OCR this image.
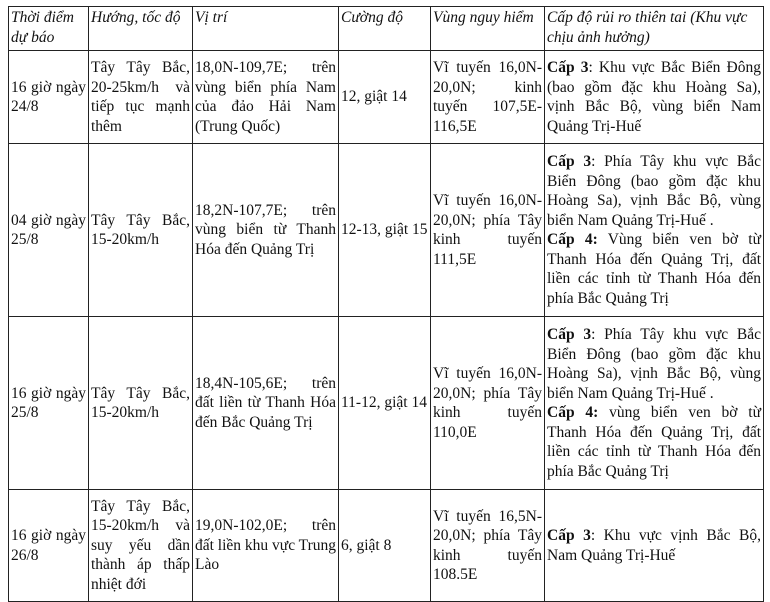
Thời điểm dự báo	Hướng, tốc độ	Vị trí	Cường độ	Vùng nguy hiểm	Cấp độ rủi ro thiên tai (Khu vực chịu ảnh hưởng)
16 giờ ngày 24/8	Tây Tây Bắc, 20-25km/h và tiếp tục mạnh thêm	18,0N-109,7E; trên vùng biển phía Nam của đảo Hải Nam (Trung Quốc)	12, giật 14	Vĩ tuyến 16,0N-20,0N; kinh tuyến 107,5E-116,5E	Cấp 3: Khu vực Bắc Biển Đông (bao gồm đặc khu Hoàng Sa), vịnh Bắc Bộ, vùng biển Nam Quảng Trị-Huế

04 giờ ngày 25/8	Tây Tây Bắc, 15-20km/h	18,2N-107,7E; trên vùng biển từ Thanh Hóa đến Quảng Trị	12-13, giật 15	Vĩ tuyến 16,0N-20,0N; phía Tây kinh tuyến 111,5E	Cấp 3: Phía Tây khu vực Bắc Biển Đông (bao gồm đặc khu Hoàng Sa), vịnh Bắc Bộ, vùng biển Nam Quảng Trị-Huế .
Cấp 4: Vùng biển ven bờ từ Thanh Hóa đến Quảng Trị, đất liền các tỉnh từ Thanh Hóa đến phía Bắc Quảng Trị

16 giờ ngày 25/8	Tây Tây Bắc, 15-20km/h	18,4N-105,6E; trên đất liền từ Thanh Hóa đến Bắc Quảng Trị	11-12, giật 14	Vĩ tuyến 16,0N-20,0N; phía Tây kinh tuyến 110,0E	Cấp 3: Phía Tây khu vực Bắc Biển Đông (bao gồm đặc khu Hoàng Sa), vịnh Bắc Bộ, vùng biển Nam Quảng Trị-Huế .
Cấp 4: vùng biển ven bờ từ Thanh Hóa đến Quảng Trị, đất liền các tỉnh từ Thanh Hóa đến phía Bắc Quảng Trị

16 giờ ngày 26/8	Tây Tây Bắc, 15-20km/h và suy yếu dần thành áp thấp nhiệt đới	19,0N-102,0E; trên đất liền khu vực Trung Lào	6, giật 8	Vĩ tuyến 16,5N-20,0N; phía Tây kinh tuyến 108.5E	Cấp 3: Khu vực vịnh Bắc Bộ, Nam Quảng Trị-Huế
